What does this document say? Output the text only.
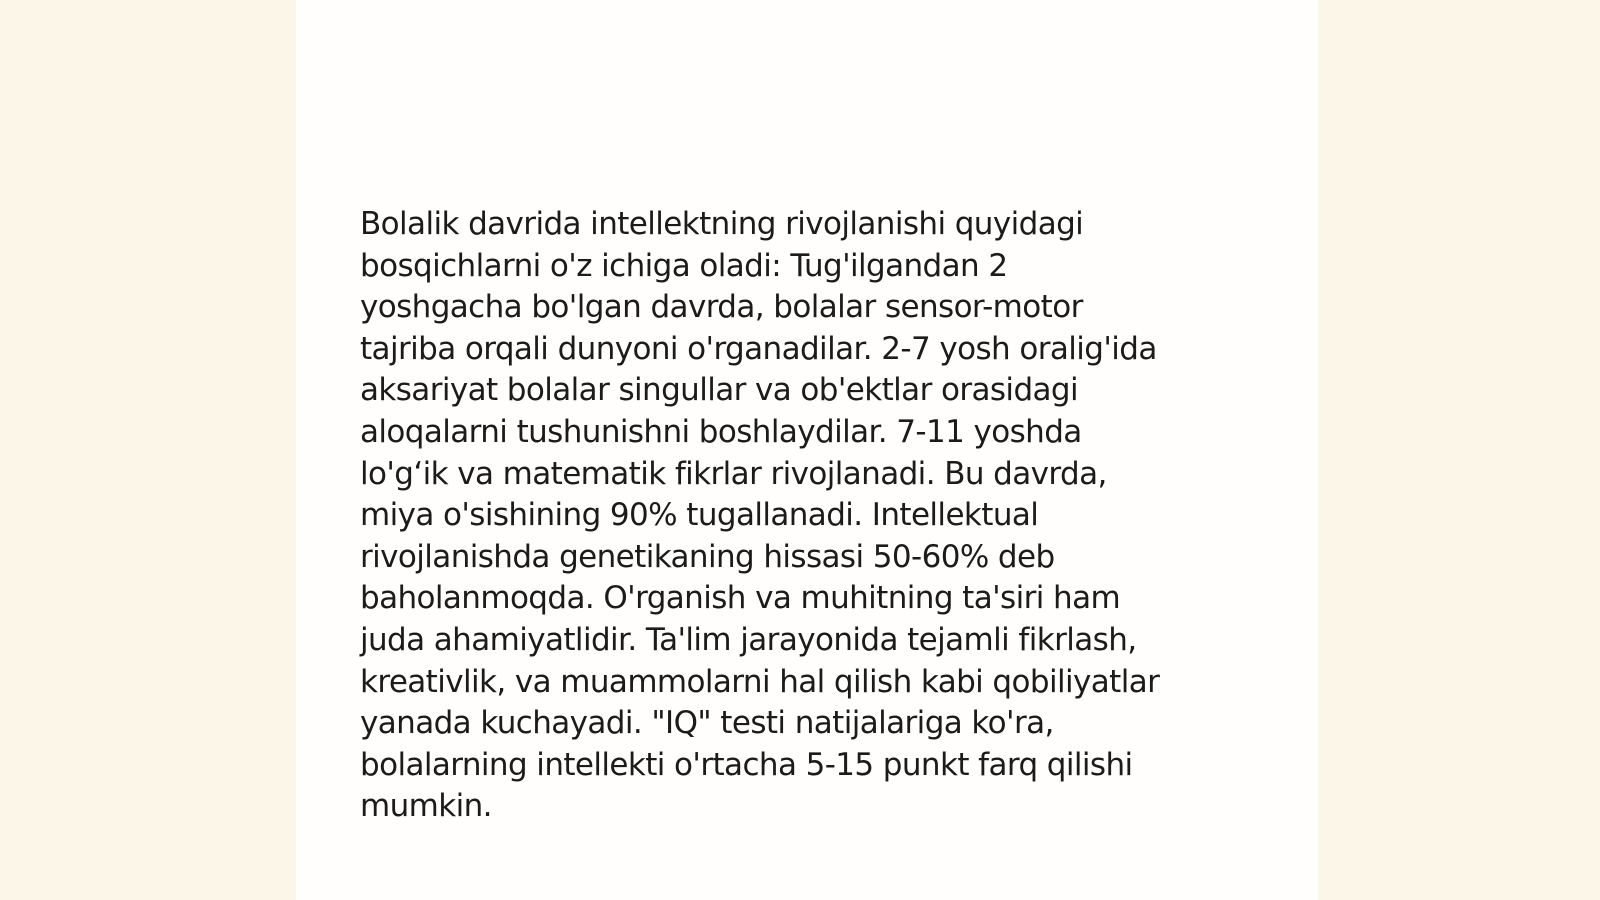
Bolalik davrida intellektning rivojlanishi quyidagi
bosqichlarni o'z ichiga oladi: Tug'ilgandan 2
yoshgacha bo'lgan davrda, bolalar sensor-motor
tajriba orqali dunyoni o'rganadilar. 2-7 yosh oralig'ida
aksariyat bolalar singullar va ob'ektlar orasidagi
aloqalarni tushunishni boshlaydilar. 7-11 yoshda
lo'g‘ik va matematik fikrlar rivojlanadi. Bu davrda,
miya o'sishining 90% tugallanadi. Intellektual
rivojlanishda genetikaning hissasi 50-60% deb
baholanmoqda. O'rganish va muhitning ta'siri ham
juda ahamiyatlidir. Ta'lim jarayonida tejamli fikrlash,
kreativlik, va muammolarni hal qilish kabi qobiliyatlar
yanada kuchayadi. "IQ" testi natijalariga ko'ra,
bolalarning intellekti o'rtacha 5-15 punkt farq qilishi
mumkin.
